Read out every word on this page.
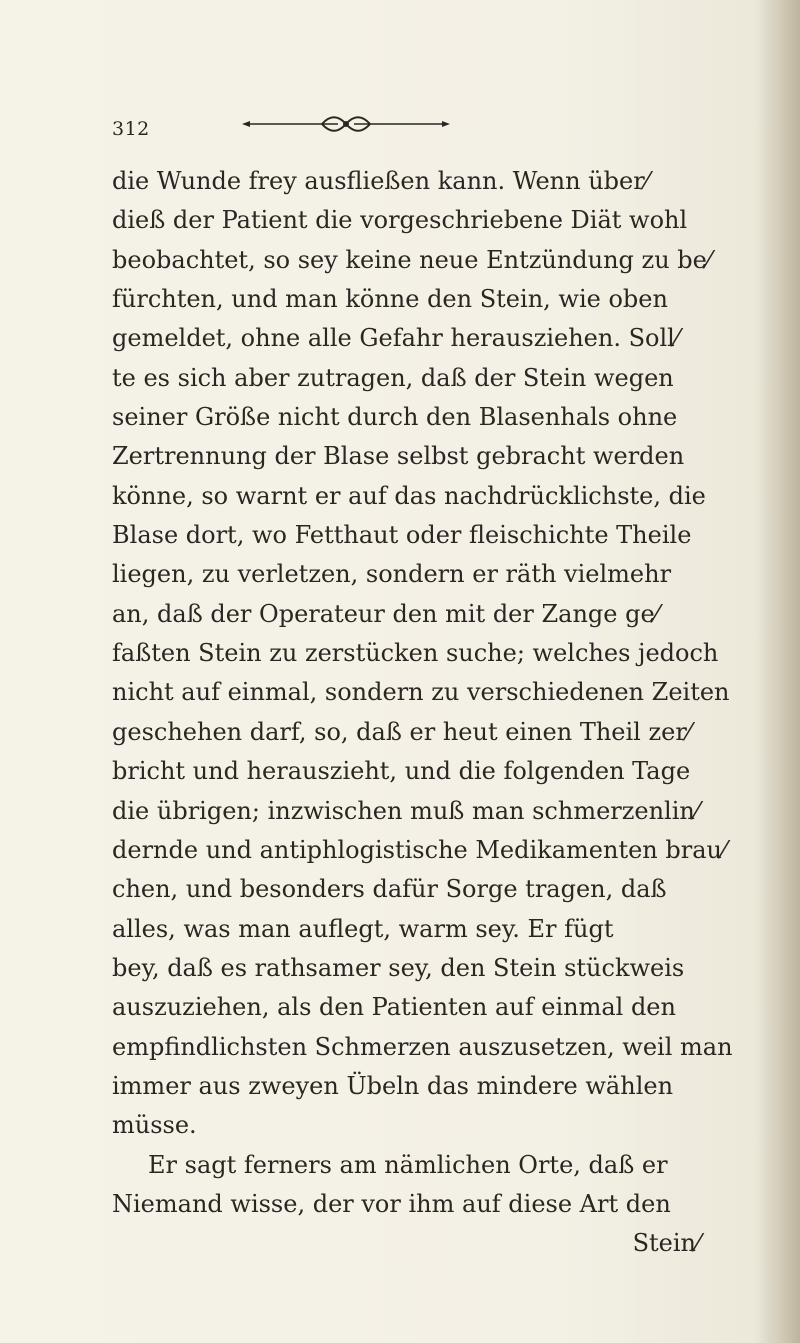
312
die Wunde frey ausfließen kann. Wenn über⁄
dieß der Patient die vorgeschriebene Diät wohl
beobachtet, so sey keine neue Entzündung zu be⁄
fürchten, und man könne den Stein, wie oben
gemeldet, ohne alle Gefahr herausziehen. Soll⁄
te es sich aber zutragen, daß der Stein wegen
seiner Größe nicht durch den Blasenhals ohne
Zertrennung der Blase selbst gebracht werden
könne, so warnt er auf das nachdrücklichste, die
Blase dort, wo Fetthaut oder fleischichte Theile
liegen, zu verletzen, sondern er räth vielmehr
an, daß der Operateur den mit der Zange ge⁄
faßten Stein zu zerstücken suche; welches jedoch
nicht auf einmal, sondern zu verschiedenen Zeiten
geschehen darf, so, daß er heut einen Theil zer⁄
bricht und herauszieht, und die folgenden Tage
die übrigen; inzwischen muß man schmerzenlin⁄
dernde und antiphlogistische Medikamenten brau⁄
chen, und besonders dafür Sorge tragen, daß
alles, was man auflegt, warm sey. Er fügt
bey, daß es rathsamer sey, den Stein stückweis
auszuziehen, als den Patienten auf einmal den
empfindlichsten Schmerzen auszusetzen, weil man
immer aus zweyen Übeln das mindere wählen
müsse.
Er sagt ferners am nämlichen Orte, daß er
Niemand wisse, der vor ihm auf diese Art den
Stein⁄
